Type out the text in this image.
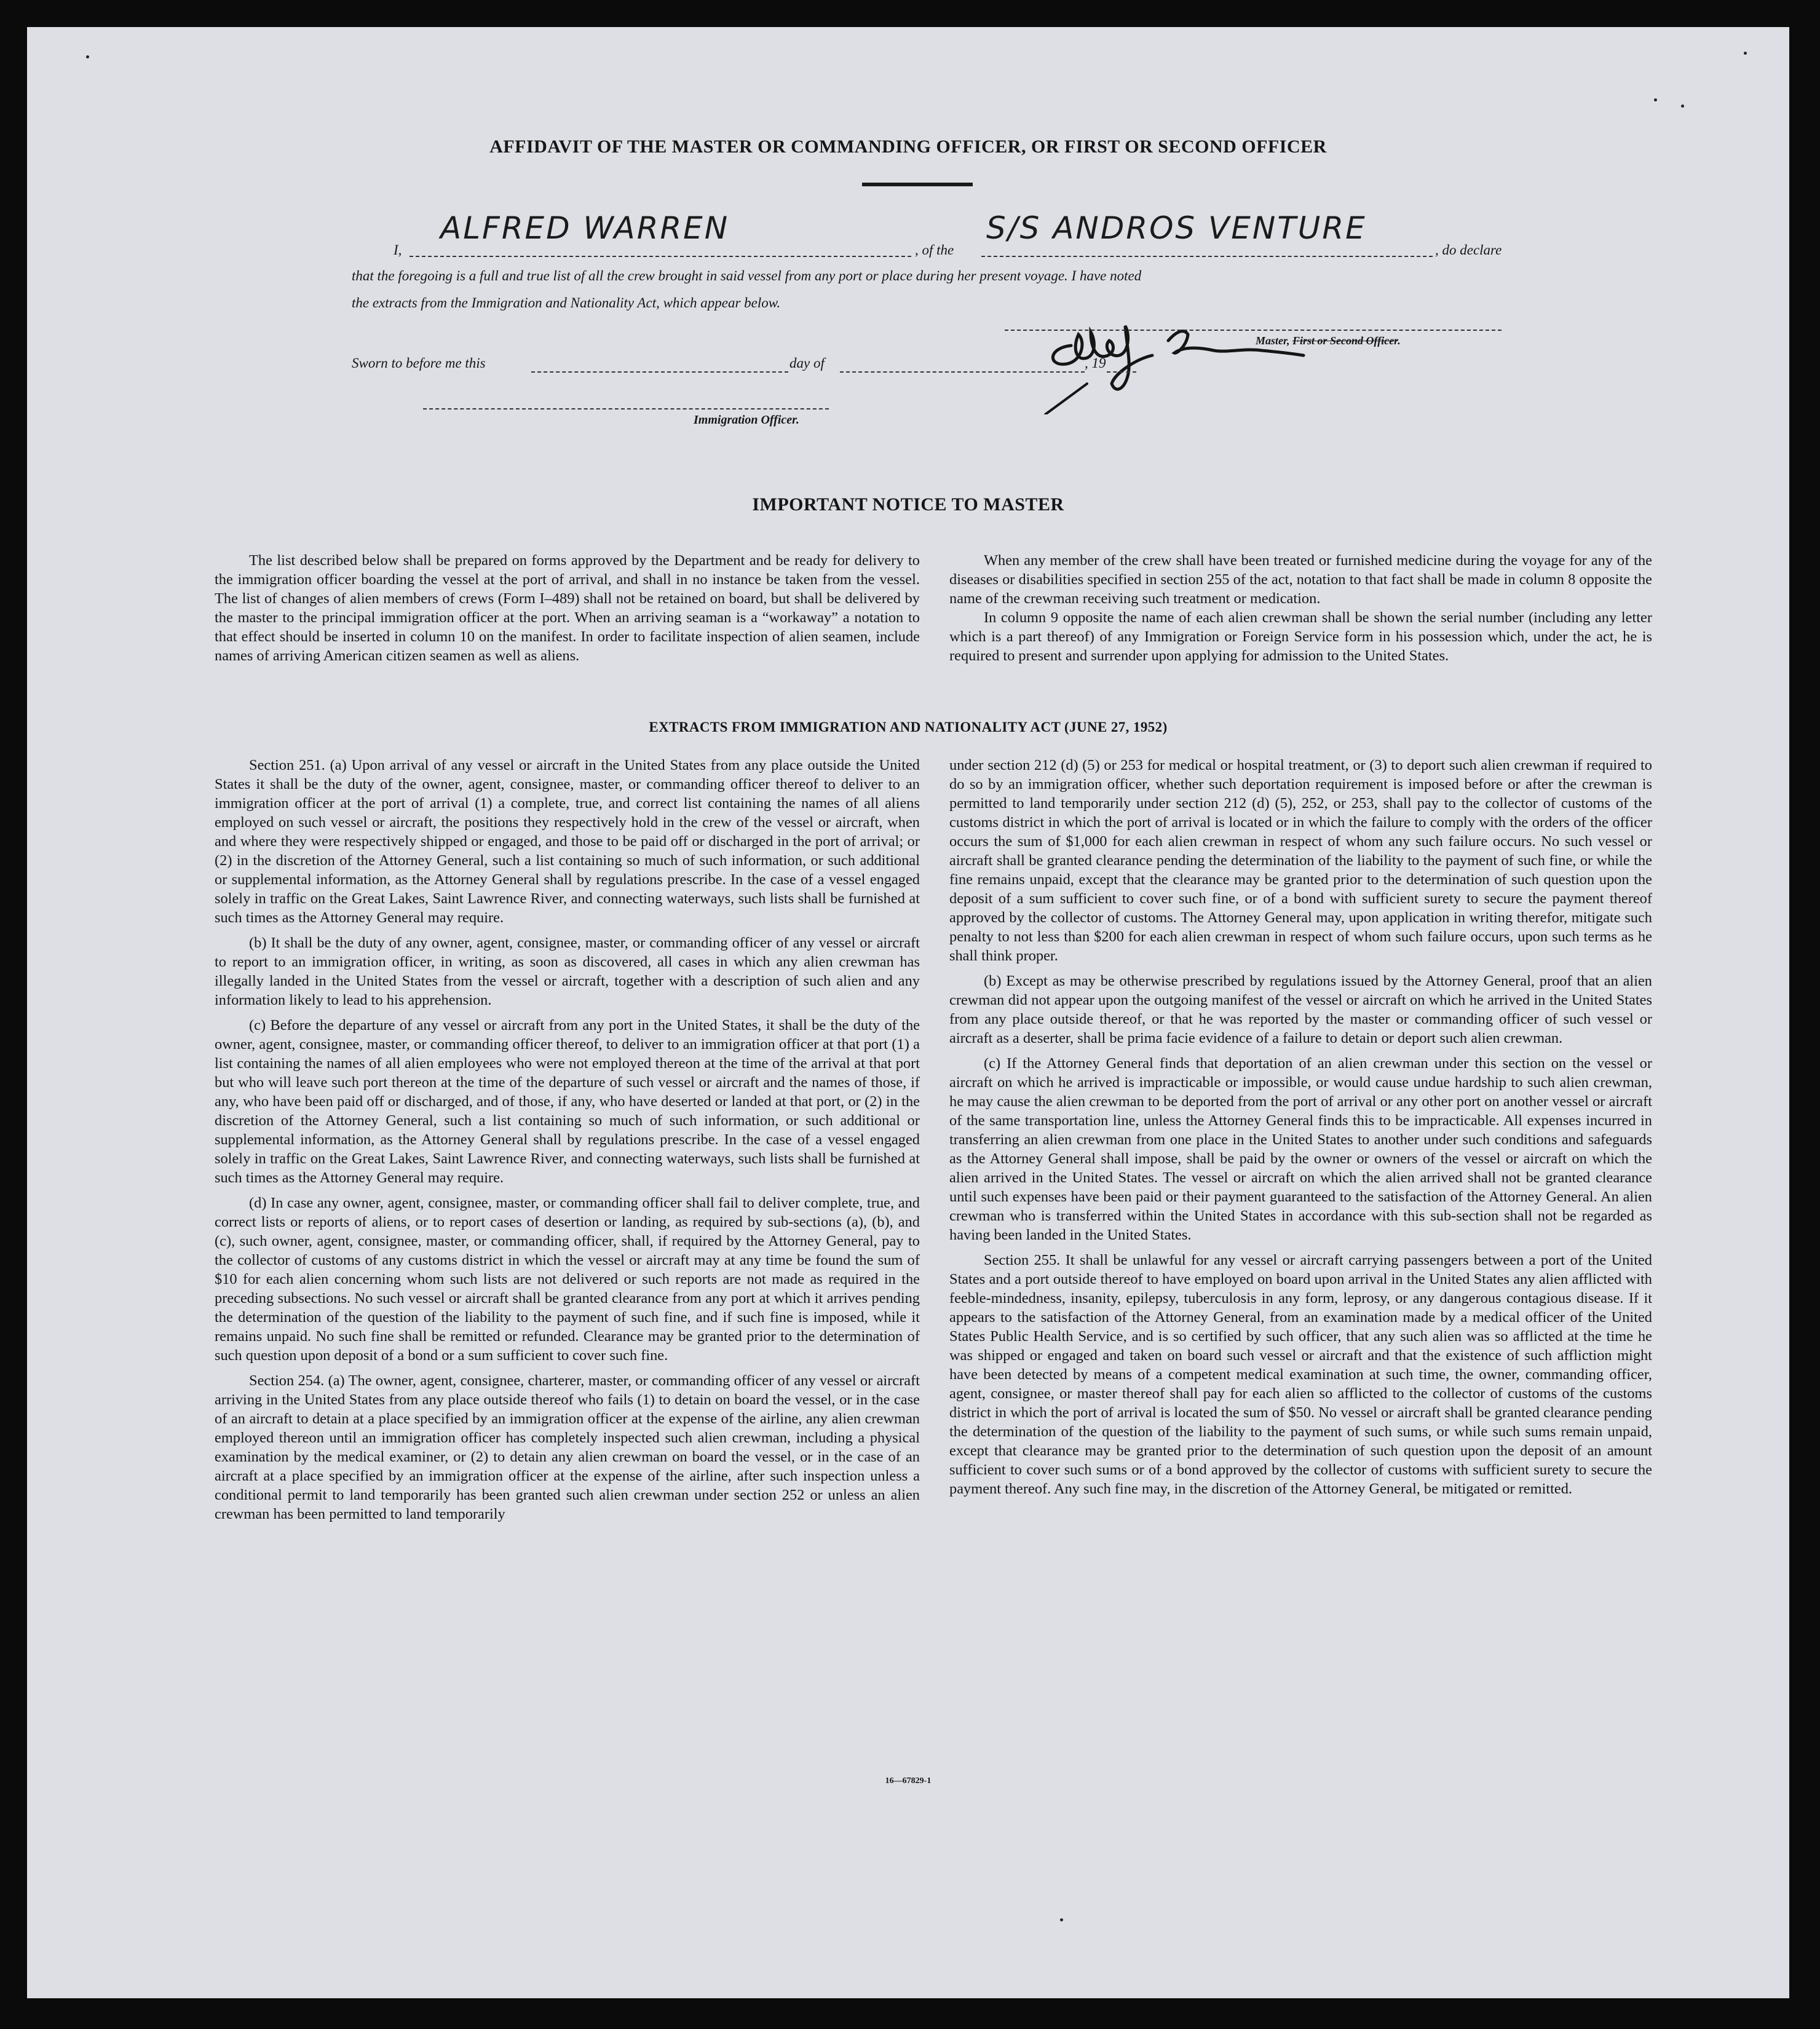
AFFIDAVIT OF THE MASTER OR COMMANDING OFFICER, OR FIRST OR SECOND OFFICER
I,
ALFRED WARREN
, of the
S/S ANDROS VENTURE
, do declare
that the foregoing is a full and true list of all the crew brought in said vessel from any port or place during her present voyage. I have noted
the extracts from the Immigration and Nationality Act, which appear below.
Master, First or Second Officer.
Sworn to before me this	day of	, 19
Immigration Officer.
IMPORTANT NOTICE TO MASTER

The list described below shall be prepared on forms approved by the Department and be ready for delivery to the immigration officer boarding the vessel at the port of arrival, and shall in no instance be taken from the vessel. The list of changes of alien members of crews (Form I–489) shall not be retained on board, but shall be delivered by the master to the principal immigration officer at the port. When an arriving seaman is a “workaway” a notation to that effect should be inserted in column 10 on the manifest. In order to facilitate inspection of alien seamen, include names of arriving American citizen seamen as well as aliens.

When any member of the crew shall have been treated or furnished medicine during the voyage for any of the diseases or disabilities specified in section 255 of the act, notation to that fact shall be made in column 8 opposite the name of the crewman receiving such treatment or medication.

In column 9 opposite the name of each alien crewman shall be shown the serial number (including any letter which is a part thereof) of any Immigration or Foreign Service form in his possession which, under the act, he is required to present and surrender upon applying for admission to the United States.

EXTRACTS FROM IMMIGRATION AND NATIONALITY ACT (JUNE 27, 1952)

Section 251. (a) Upon arrival of any vessel or aircraft in the United States from any place outside the United States it shall be the duty of the owner, agent, consignee, master, or commanding officer thereof to deliver to an immigration officer at the port of arrival (1) a complete, true, and correct list containing the names of all aliens employed on such vessel or aircraft, the positions they respectively hold in the crew of the vessel or aircraft, when and where they were respectively shipped or engaged, and those to be paid off or discharged in the port of arrival; or (2) in the discretion of the Attorney General, such a list containing so much of such information, or such additional or supplemental information, as the Attorney General shall by regulations prescribe. In the case of a vessel engaged solely in traffic on the Great Lakes, Saint Lawrence River, and connecting waterways, such lists shall be furnished at such times as the Attorney General may require.

(b) It shall be the duty of any owner, agent, consignee, master, or commanding officer of any vessel or aircraft to report to an immigration officer, in writing, as soon as discovered, all cases in which any alien crewman has illegally landed in the United States from the vessel or aircraft, together with a description of such alien and any information likely to lead to his apprehension.

(c) Before the departure of any vessel or aircraft from any port in the United States, it shall be the duty of the owner, agent, consignee, master, or commanding officer thereof, to deliver to an immigration officer at that port (1) a list containing the names of all alien employees who were not employed thereon at the time of the arrival at that port but who will leave such port thereon at the time of the departure of such vessel or aircraft and the names of those, if any, who have been paid off or discharged, and of those, if any, who have deserted or landed at that port, or (2) in the discretion of the Attorney General, such a list containing so much of such information, or such additional or supplemental information, as the Attorney General shall by regulations prescribe. In the case of a vessel engaged solely in traffic on the Great Lakes, Saint Lawrence River, and connecting waterways, such lists shall be furnished at such times as the Attorney General may require.

(d) In case any owner, agent, consignee, master, or commanding officer shall fail to deliver complete, true, and correct lists or reports of aliens, or to report cases of desertion or landing, as required by sub-sections (a), (b), and (c), such owner, agent, consignee, master, or commanding officer, shall, if required by the Attorney General, pay to the collector of customs of any customs district in which the vessel or aircraft may at any time be found the sum of $10 for each alien concerning whom such lists are not delivered or such reports are not made as required in the preceding subsections. No such vessel or aircraft shall be granted clearance from any port at which it arrives pending the determination of the question of the liability to the payment of such fine, and if such fine is imposed, while it remains unpaid. No such fine shall be remitted or refunded. Clearance may be granted prior to the determination of such question upon deposit of a bond or a sum sufficient to cover such fine.

Section 254. (a) The owner, agent, consignee, charterer, master, or commanding officer of any vessel or aircraft arriving in the United States from any place outside thereof who fails (1) to detain on board the vessel, or in the case of an aircraft to detain at a place specified by an immigration officer at the expense of the airline, any alien crewman employed thereon until an immigration officer has completely inspected such alien crewman, including a physical examination by the medical examiner, or (2) to detain any alien crewman on board the vessel, or in the case of an aircraft at a place specified by an immigration officer at the expense of the airline, after such inspection unless a conditional permit to land temporarily has been granted such alien crewman under section 252 or unless an alien crewman has been permitted to land temporarily

under section 212 (d) (5) or 253 for medical or hospital treatment, or (3) to deport such alien crewman if required to do so by an immigration officer, whether such deportation requirement is imposed before or after the crewman is permitted to land temporarily under section 212 (d) (5), 252, or 253, shall pay to the collector of customs of the customs district in which the port of arrival is located or in which the failure to comply with the orders of the officer occurs the sum of $1,000 for each alien crewman in respect of whom any such failure occurs. No such vessel or aircraft shall be granted clearance pending the determination of the liability to the payment of such fine, or while the fine remains unpaid, except that the clearance may be granted prior to the determination of such question upon the deposit of a sum sufficient to cover such fine, or of a bond with sufficient surety to secure the payment thereof approved by the collector of customs. The Attorney General may, upon application in writing therefor, mitigate such penalty to not less than $200 for each alien crewman in respect of whom such failure occurs, upon such terms as he shall think proper.

(b) Except as may be otherwise prescribed by regulations issued by the Attorney General, proof that an alien crewman did not appear upon the outgoing manifest of the vessel or aircraft on which he arrived in the United States from any place outside thereof, or that he was reported by the master or commanding officer of such vessel or aircraft as a deserter, shall be prima facie evidence of a failure to detain or deport such alien crewman.

(c) If the Attorney General finds that deportation of an alien crewman under this section on the vessel or aircraft on which he arrived is impracticable or impossible, or would cause undue hardship to such alien crewman, he may cause the alien crewman to be deported from the port of arrival or any other port on another vessel or aircraft of the same transportation line, unless the Attorney General finds this to be impracticable. All expenses incurred in transferring an alien crewman from one place in the United States to another under such conditions and safeguards as the Attorney General shall impose, shall be paid by the owner or owners of the vessel or aircraft on which the alien arrived in the United States. The vessel or aircraft on which the alien arrived shall not be granted clearance until such expenses have been paid or their payment guaranteed to the satisfaction of the Attorney General. An alien crewman who is transferred within the United States in accordance with this sub-section shall not be regarded as having been landed in the United States.

Section 255. It shall be unlawful for any vessel or aircraft carrying passengers between a port of the United States and a port outside thereof to have employed on board upon arrival in the United States any alien afflicted with feeble-mindedness, insanity, epilepsy, tuberculosis in any form, leprosy, or any dangerous contagious disease. If it appears to the satisfaction of the Attorney General, from an examination made by a medical officer of the United States Public Health Service, and is so certified by such officer, that any such alien was so afflicted at the time he was shipped or engaged and taken on board such vessel or aircraft and that the existence of such affliction might have been detected by means of a competent medical examination at such time, the owner, commanding officer, agent, consignee, or master thereof shall pay for each alien so afflicted to the collector of customs of the customs district in which the port of arrival is located the sum of $50. No vessel or aircraft shall be granted clearance pending the determination of the question of the liability to the payment of such sums, or while such sums remain unpaid, except that clearance may be granted prior to the determination of such question upon the deposit of an amount sufficient to cover such sums or of a bond approved by the collector of customs with sufficient surety to secure the payment thereof. Any such fine may, in the discretion of the Attorney General, be mitigated or remitted.

16—67829-1
